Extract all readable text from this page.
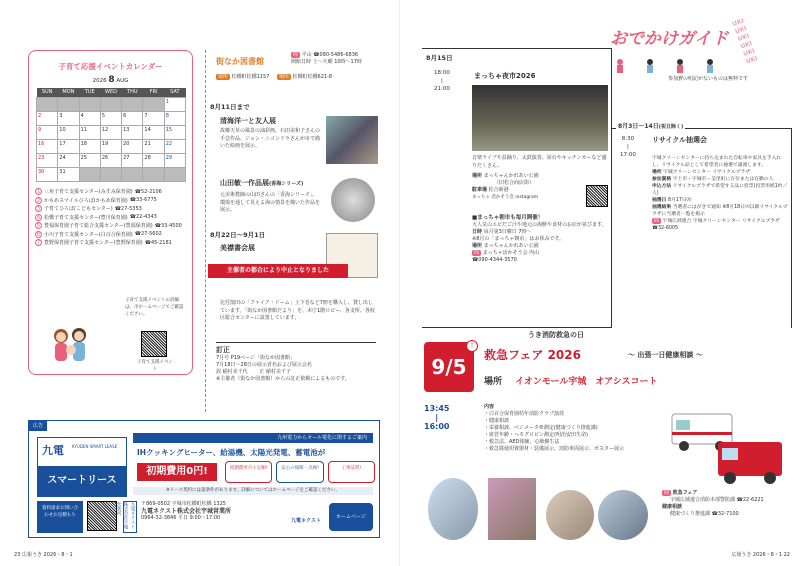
子育て応援イベントカレンダー
2026 8 AUG
SUN	MON	TUE	WED	THU	FRI	SAT
						1
2	3	4	5	6	7	8
9	10	11	12	13	14	15
16	17	18	19	20	21	22
23	24	25	26	27	28	29
30	31					
1 三角子育て支援センター(みすみ保育園) ☎52-2106
2 かもめスマイルひろば(かもめ保育園) ☎33-6775
3 子育てひろば(こどもセンター) ☎27-5353
4 松橋子育て支援センター(豊川保育園) ☎22-4343
5 豊福保育園子育て総合支援センター(豊福保育園) ☎33-4500
6 小川子育て支援センター(白百合保育園) ☎27-5602
7 豊野保育園子育て支援センター(豊野保育園) ☎45-2181
子育て支援イベントの詳細は、市ホームページでご確認ください。
子育て支援イベント
街なか図書館
問 平山 ☎090-5486-6836
開館日時 土～火曜 10時～17時
場所 松橋町松橋1157 場所 松橋町松橋621-8
8月11日まで
清海洋一と友人展
故郷天草の風景の油彩画、石田美和子さんの手芸作品、ジョン・ニコンドラさんが市で描いた絵画を展示。
山田敏一作品展(香海シリーズ)
元美術教師の山田さんの「香海シリーズ」。環境を通して見える海の情景を描いた作品を展示。
8月22日～9月1日
美襟書会展
主催者の都合により中止となりました
比付演田の「ファイア・ドーム」上下巻など7冊を購入し、貸し出しています。「街なか図書館だより」を、本庁1階ロビー、各支所、各校区総合センターに設置しています。
訂正
7月号 P19ページ「街なか図書館」
7月18日～28日の展示者名および展示会名
誤 稲村美千代 正 稲村美千子
※主催者（街なか図書館）からの訂正依頼によるものです。
広告
九電	KYUDEN SMART LEASE
スマートリース
九州電力からオール電化に関するご案内
IHクッキングヒーター、給湯機、太陽光発電、蓄電池が
初期費用0円!	初期費用月々定額!	安心の保障・点検!	工事品質!
※リース契約には諸条件があります。詳細についてはホームページをご確認ください。
資料請求お問い合わせお見積もり	九電ネクスト株式会社宇城営業所	〒869-0502 宇城市松橋町松橋 1325
九電ネクスト株式会社宇城営業所
0964-32-3846 平日 9:00～17:00	九電ネクスト
ホームページ
23 広報うき 2026・8・1
おでかけガイド
参加費の明記がないものは無料です
UKI
UKI
UKI
UKI
UKI
UKI
8月15日
18:00
|
21:00
まっちゃ夜市2026
音楽ライブや盆踊り、太鼓演奏、屋台やキッチンカーなど盛りだくさん。
場所 まっちゃんかれあい公園
（旧松合商店街）
駐車場 松合新港
まっちゃ 活かそう会 instagram
■まっちゃ朝市も毎月開催！
大人気のエビだご汁や地元の海鮮や食材のお店が並びます。
日時 毎月第3日曜日 7時～
※8月の「まっちゃ朝市」はお休みです。
場所 まっちゃんかれあい公園
問 まっちゃ活かそう会 内山
☎090-4344-3570
8月3日～14日(祝日除く)
8:30
|
17:00
リサイクル抽選会
宇城クリーンセンターに持ち込まれた自転車や家具を手入れし、リサイクル品として希望者に抽選で譲渡します。
場所 宇城クリーンセンター リサイクルプラザ
参加資格 宇土市・宇城市・美里町に在住または在勤の人
申込方法 リサイクルプラザで希望する品に投票(投票用紙1枚／人)
抽選日 8月17日㈪
抽選結果 当選者にはがきで通知 ※8月18日㈫以降リサイクルプラザに当選者一覧を掲示
問 宇城広域連合 宇城クリーンセンター リサイクルプラザ
☎32-6005
うき消防救急の日
9/5
土
救急フェア 2026	～ 出張一日健康相談 ～
場所 イオンモール宇城　オアシスコート
13:45
|
16:00
内容
・白百合保育園幼年消防クラブ演技
・健康相談
・栄養相談、ベジメータ®測定(健康づくり推進課)
・血管年齢・ヘモグロビン測定(明治安田生命)
・救急法、AED体験、心肺蘇生法
・救急隊使用資器材・装備展示、消防車両展示、ポスター展示
問 救急フェア
宇城広域連合消防本部警防課 ☎22-6221
健康相談
健康づくり推進課 ☎32-7100
広報うき 2026・8・1 22
